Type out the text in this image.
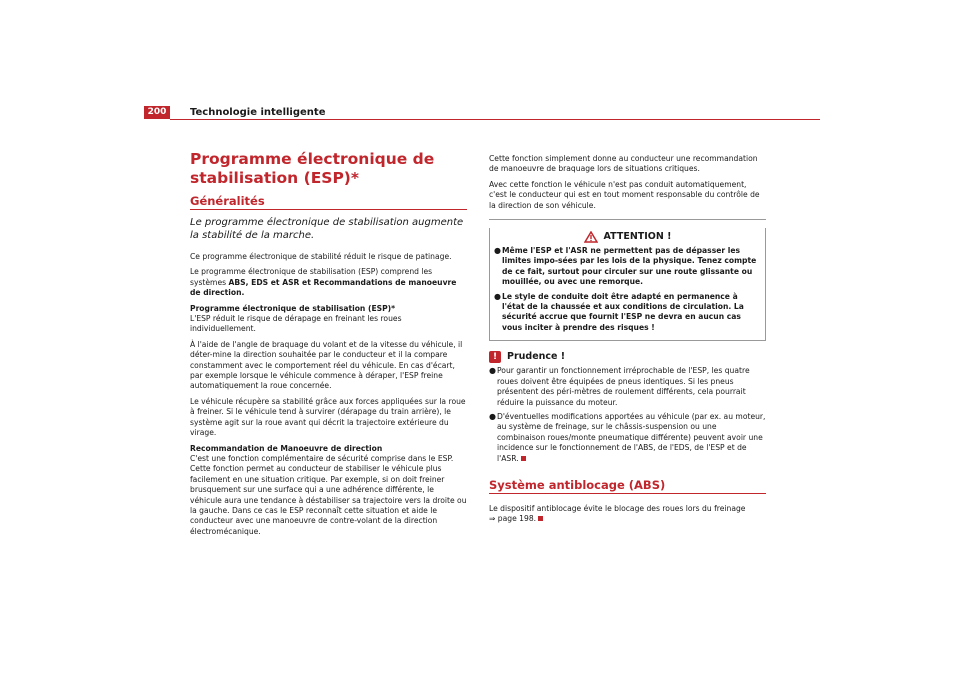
200	Technologie intelligente
Programme électronique de stabilisation (ESP)*
Généralités
Le programme électronique de stabilisation augmente la stabilité de la marche.

Ce programme électronique de stabilité réduit le risque de patinage.

Le programme électronique de stabilisation (ESP) comprend les systèmes ABS, EDS et ASR et Recommandations de manoeuvre de direction.

Programme électronique de stabilisation (ESP)*

L'ESP réduit le risque de dérapage en freinant les roues individuellement.

À l'aide de l'angle de braquage du volant et de la vitesse du véhicule, il déter-mine la direction souhaitée par le conducteur et il la compare constamment avec le comportement réel du véhicule. En cas d'écart, par exemple lorsque le véhicule commence à déraper, l'ESP freine automatiquement la roue concernée.

Le véhicule récupère sa stabilité grâce aux forces appliquées sur la roue à freiner. Si le véhicule tend à survirer (dérapage du train arrière), le système agit sur la roue avant qui décrit la trajectoire extérieure du virage.

Recommandation de Manoeuvre de direction

C'est une fonction complémentaire de sécurité comprise dans le ESP. Cette fonction permet au conducteur de stabiliser le véhicule plus facilement en une situation critique. Par exemple, si on doit freiner brusquement sur une surface qui a une adhérence différente, le véhicule aura une tendance à déstabiliser sa trajectoire vers la droite ou la gauche. Dans ce cas le ESP reconnaît cette situation et aide le conducteur avec une manoeuvre de contre-volant de la direction électromécanique.

Cette fonction simplement donne au conducteur une recommandation de manoeuvre de braquage lors de situations critiques.

Avec cette fonction le véhicule n'est pas conduit automatiquement, c'est le conducteur qui est en tout moment responsable du contrôle de la direction de son véhicule.

ATTENTION !
● Même l'ESP et l'ASR ne permettent pas de dépasser les limites impo-sées par les lois de la physique. Tenez compte de ce fait, surtout pour circuler sur une route glissante ou mouillée, ou avec une remorque.
● Le style de conduite doit être adapté en permanence à l'état de la chaussée et aux conditions de circulation. La sécurité accrue que fournit l'ESP ne devra en aucun cas vous inciter à prendre des risques !
!	Prudence !
● Pour garantir un fonctionnement irréprochable de l'ESP, les quatre roues doivent être équipées de pneus identiques. Si les pneus présentent des péri-mètres de roulement différents, cela pourrait réduire la puissance du moteur.
● D'éventuelles modifications apportées au véhicule (par ex. au moteur, au système de freinage, sur le châssis-suspension ou une combinaison roues/monte pneumatique différente) peuvent avoir une incidence sur le fonctionnement de l'ABS, de l'EDS, de l'ESP et de l'ASR.
Système antiblocage (ABS)

Le dispositif antiblocage évite le blocage des roues lors du freinage
⇒ page 198.
